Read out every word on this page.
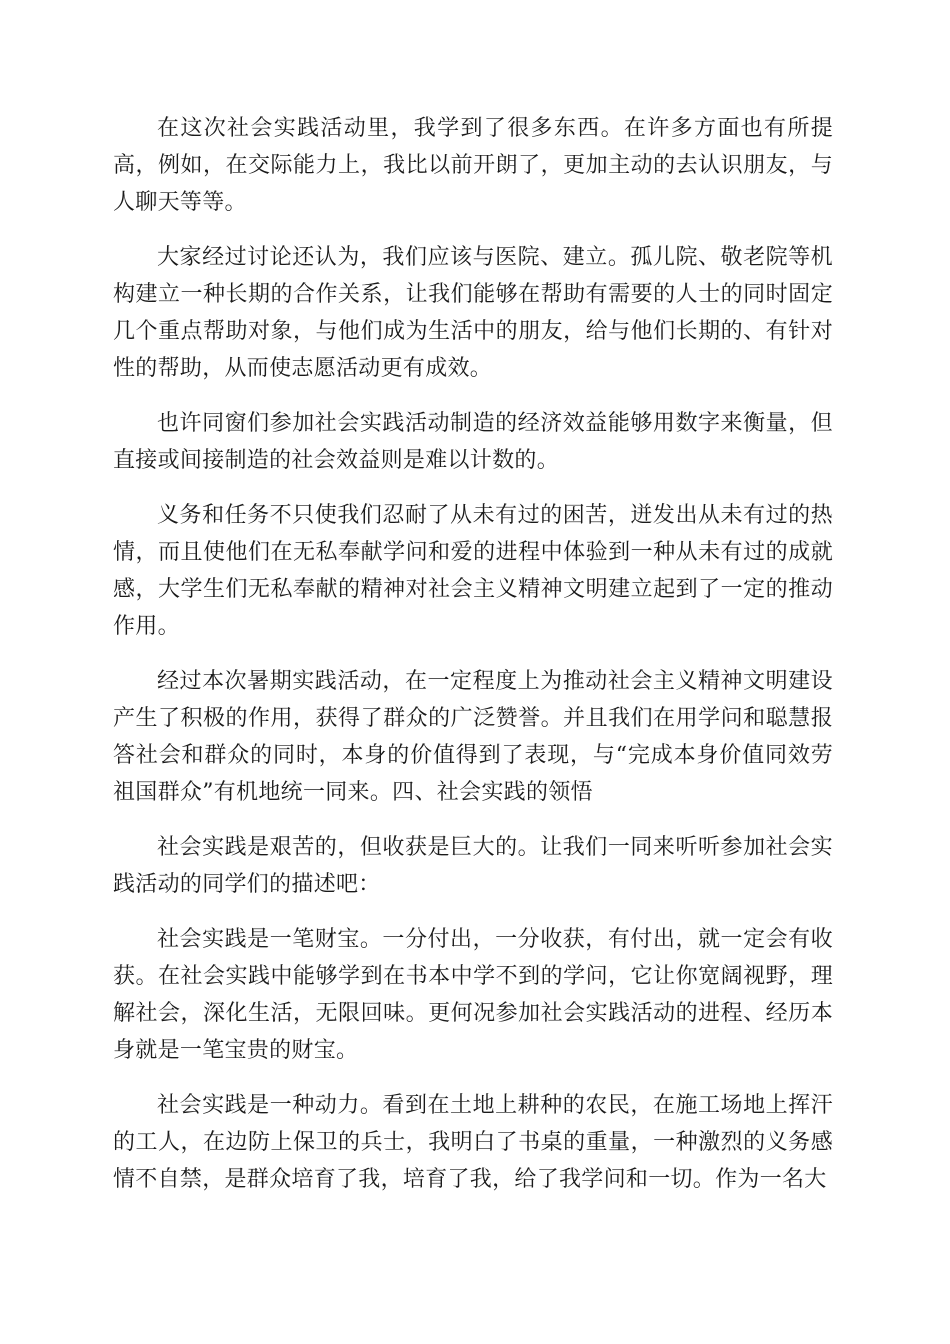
在这次社会实践活动里，我学到了很多东西。在许多方面也有所提高，例如，在交际能力上，我比以前开朗了，更加主动的去认识朋友，与人聊天等等。

大家经过讨论还认为，我们应该与医院、建立。孤儿院、敬老院等机构建立一种长期的合作关系，让我们能够在帮助有需要的人士的同时固定几个重点帮助对象，与他们成为生活中的朋友，给与他们长期的、有针对性的帮助，从而使志愿活动更有成效。

也许同窗们参加社会实践活动制造的经济效益能够用数字来衡量，但直接或间接制造的社会效益则是难以计数的。

义务和任务不只使我们忍耐了从未有过的困苦，迸发出从未有过的热情，而且使他们在无私奉献学问和爱的进程中体验到一种从未有过的成就感，大学生们无私奉献的精神对社会主义精神文明建立起到了一定的推动作用。

经过本次暑期实践活动，在一定程度上为推动社会主义精神文明建设产生了积极的作用，获得了群众的广泛赞誉。并且我们在用学问和聪慧报答社会和群众的同时，本身的价值得到了表现，与“完成本身价值同效劳祖国群众”有机地统一同来。四、社会实践的领悟

社会实践是艰苦的，但收获是巨大的。让我们一同来听听参加社会实践活动的同学们的描述吧：

社会实践是一笔财宝。一分付出，一分收获，有付出，就一定会有收获。在社会实践中能够学到在书本中学不到的学问，它让你宽阔视野，理解社会，深化生活，无限回味。更何况参加社会实践活动的进程、经历本身就是一笔宝贵的财宝。

社会实践是一种动力。看到在土地上耕种的农民，在施工场地上挥汗的工人，在边防上保卫的兵士，我明白了书桌的重量，一种激烈的义务感情不自禁，是群众培育了我，培育了我，给了我学问和一切。作为一名大
